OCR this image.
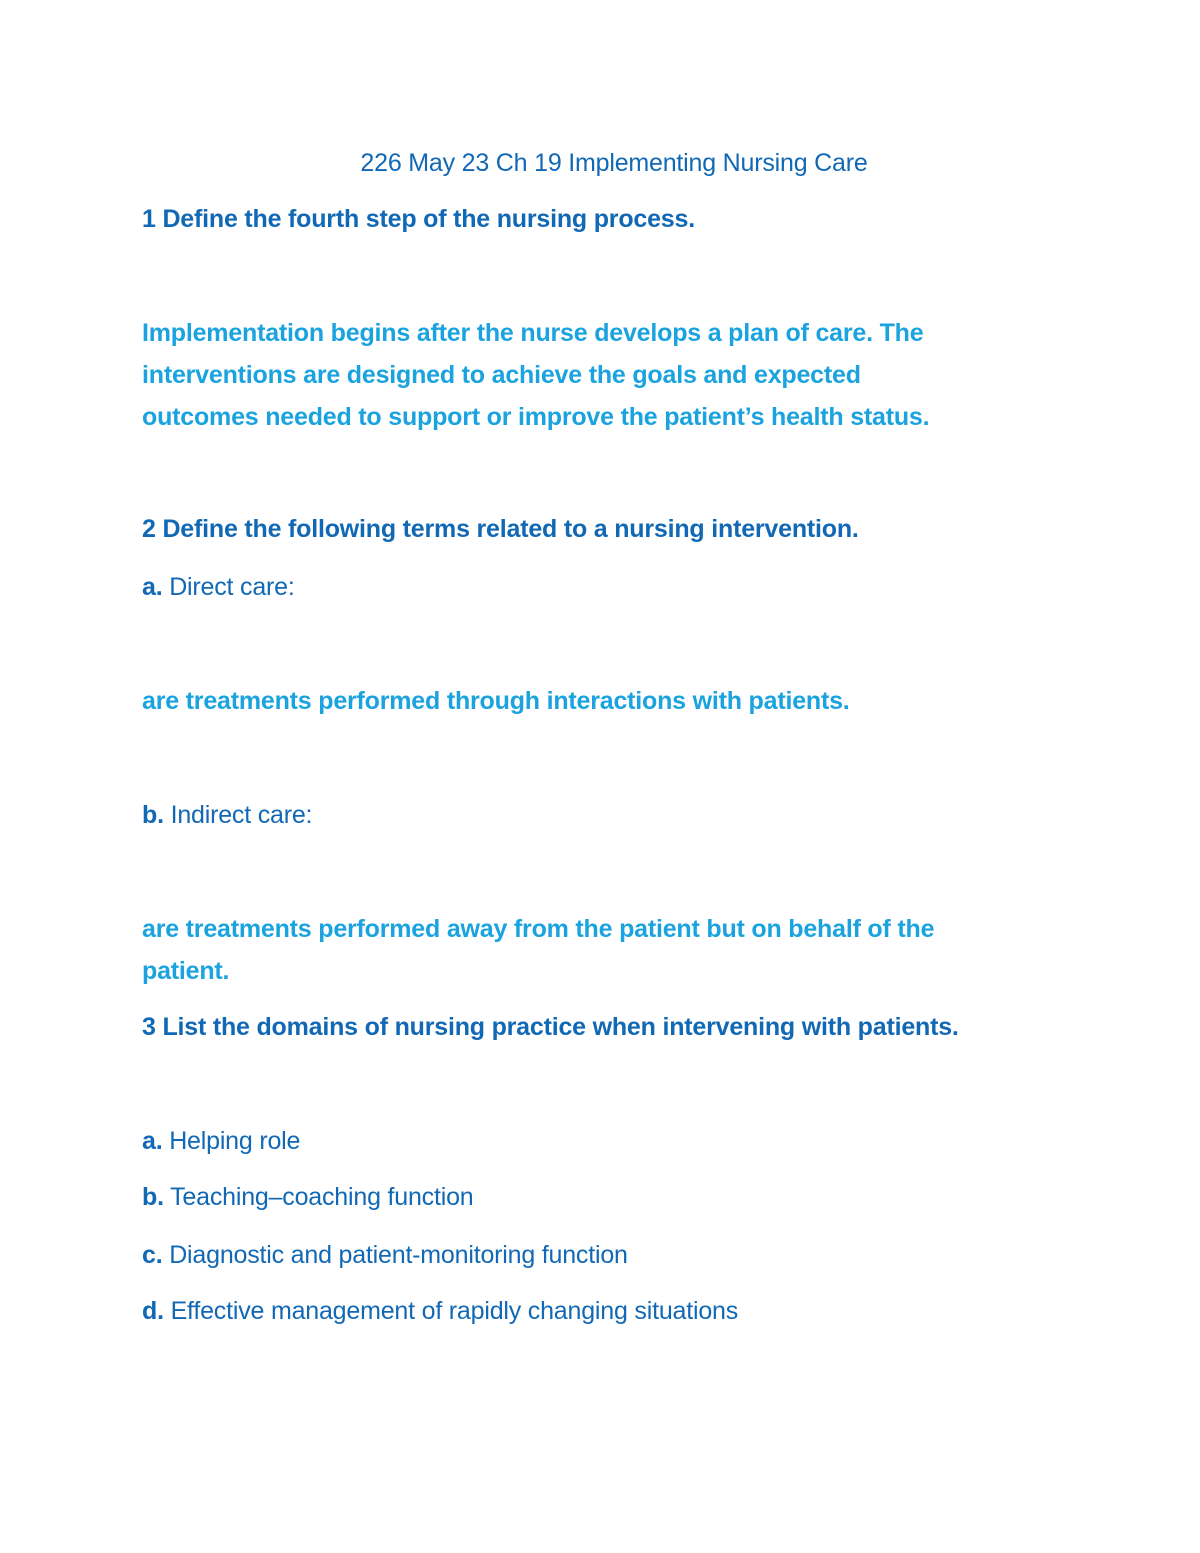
226 May 23 Ch 19 Implementing Nursing Care

1 Define the fourth step of the nursing process.

Implementation begins after the nurse develops a plan of care. The

interventions are designed to achieve the goals and expected

outcomes needed to support or improve the patient’s health status.

2 Define the following terms related to a nursing intervention.

a. Direct care:

are treatments performed through interactions with patients.

b. Indirect care:

are treatments performed away from the patient but on behalf of the

patient.

3 List the domains of nursing practice when intervening with patients.

a. Helping role

b. Teaching–coaching function

c. Diagnostic and patient-monitoring function

d. Effective management of rapidly changing situations
